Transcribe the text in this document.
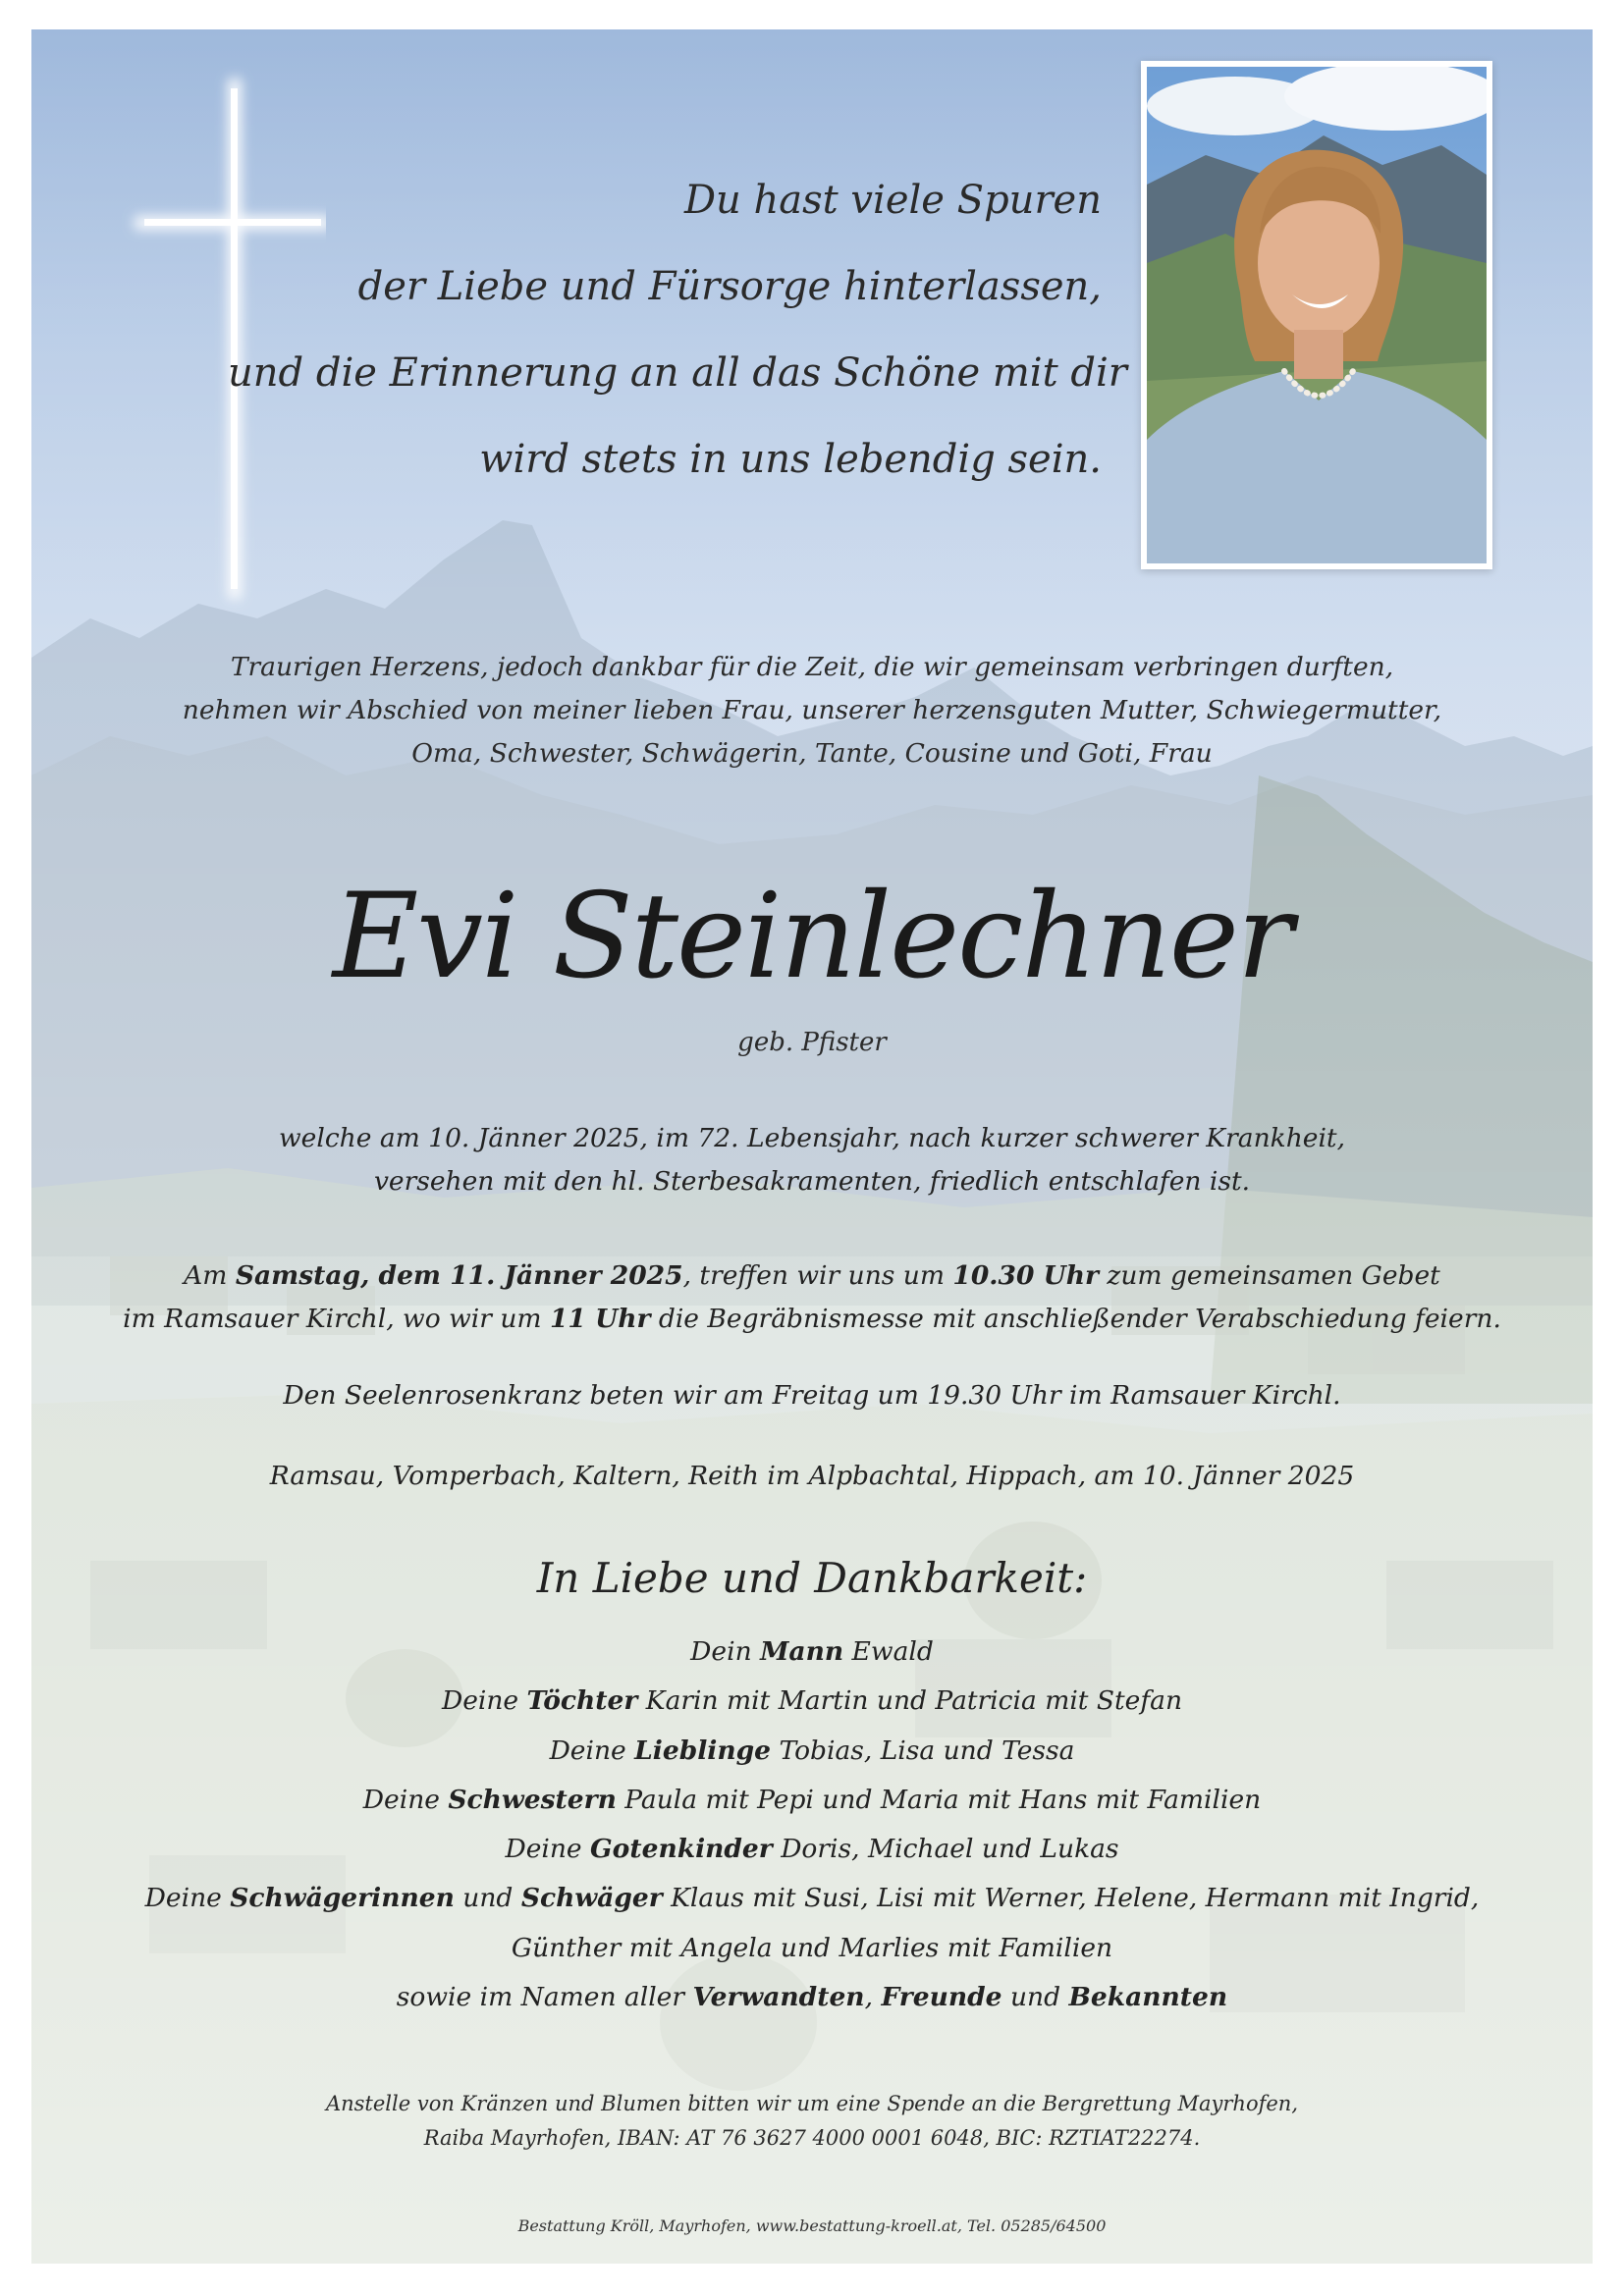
Du hast viele Spuren
der Liebe und Fürsorge hinterlassen,
und die Erinnerung an all das Schöne mit dir
wird stets in uns lebendig sein.
Traurigen Herzens, jedoch dankbar für die Zeit, die wir gemeinsam verbringen durften,
nehmen wir Abschied von meiner lieben Frau, unserer herzensguten Mutter, Schwiegermutter,
Oma, Schwester, Schwägerin, Tante, Cousine und Goti, Frau
Evi Steinlechner
geb. Pfister
welche am 10. Jänner 2025, im 72. Lebensjahr, nach kurzer schwerer Krankheit,
versehen mit den hl. Sterbesakramenten, friedlich entschlafen ist.
Am Samstag, dem 11. Jänner 2025, treffen wir uns um 10.30 Uhr zum gemeinsamen Gebet
im Ramsauer Kirchl, wo wir um 11 Uhr die Begräbnismesse mit anschließender Verabschiedung feiern.
Den Seelenrosenkranz beten wir am Freitag um 19.30 Uhr im Ramsauer Kirchl.
Ramsau, Vomperbach, Kaltern, Reith im Alpbachtal, Hippach, am 10. Jänner 2025
In Liebe und Dankbarkeit:
Dein Mann Ewald
Deine Töchter Karin mit Martin und Patricia mit Stefan
Deine Lieblinge Tobias, Lisa und Tessa
Deine Schwestern Paula mit Pepi und Maria mit Hans mit Familien
Deine Gotenkinder Doris, Michael und Lukas
Deine Schwägerinnen und Schwäger Klaus mit Susi, Lisi mit Werner, Helene, Hermann mit Ingrid,
Günther mit Angela und Marlies mit Familien
sowie im Namen aller Verwandten, Freunde und Bekannten
Anstelle von Kränzen und Blumen bitten wir um eine Spende an die Bergrettung Mayrhofen,
Raiba Mayrhofen, IBAN: AT 76 3627 4000 0001 6048, BIC: RZTIAT22274.
Bestattung Kröll, Mayrhofen, www.bestattung-kroell.at, Tel. 05285/64500
